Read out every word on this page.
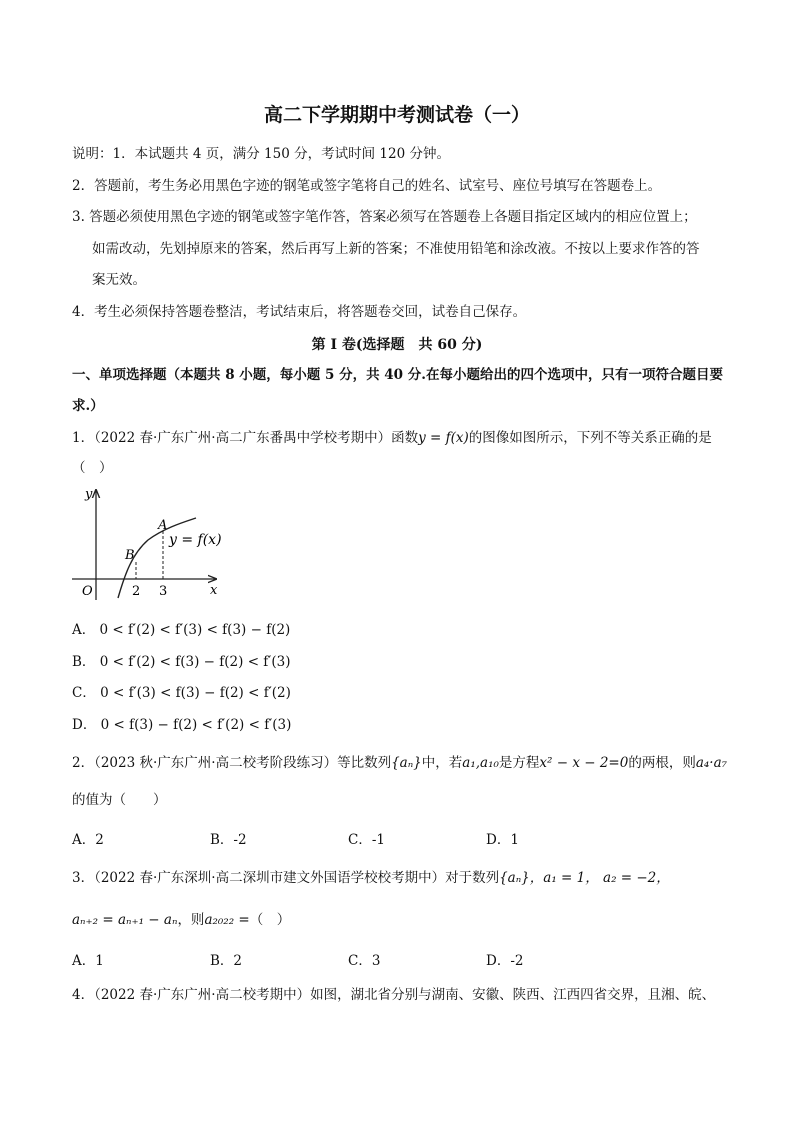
高二下学期期中考测试卷（一）
说明：1．本试题共 4 页，满分 150 分，考试时间 120 分钟。
2．答题前，考生务必用黑色字迹的钢笔或签字笔将自己的姓名、试室号、座位号填写在答题卷上。
3. 答题必须使用黑色字迹的钢笔或签字笔作答，答案必须写在答题卷上各题目指定区域内的相应位置上；
如需改动，先划掉原来的答案，然后再写上新的答案；不准使用铅笔和涂改液。不按以上要求作答的答
案无效。
4．考生必须保持答题卷整洁，考试结束后，将答题卷交回，试卷自己保存。
第 I 卷(选择题　共 60 分)
一、单项选择题（本题共 8 小题，每小题 5 分，共 40 分.在每小题给出的四个选项中，只有一项符合题目要
求.）
1．（2022 春·广东广州·高二广东番禺中学校考期中）函数y = f(x)的图像如图所示，下列不等关系正确的是
（　）
y
x
O
A
B
y = f(x)
2 3
A． 0 < f′(2) < f′(3) < f(3) − f(2)
B． 0 < f′(2) < f(3) − f(2) < f′(3)
C． 0 < f′(3) < f(3) − f(2) < f′(2)
D． 0 < f(3) − f(2) < f′(2) < f′(3)
2．（2023 秋·广东广州·高二校考阶段练习）等比数列{aₙ}中，若a₁,a₁₀是方程x² − x − 2=0的两根，则a₄·a₇
的值为（　　）
A．2	B．-2	C．-1	D．1
3．（2022 春·广东深圳·高二深圳市建文外国语学校校考期中）对于数列{aₙ}，a₁ = 1， a₂ = −2，
aₙ₊₂ = aₙ₊₁ − aₙ，则a₂₀₂₂ =（　）
A．1	B．2	C．3	D．-2
4．（2022 春·广东广州·高二校考期中）如图，湖北省分别与湖南、安徽、陕西、江西四省交界，且湘、皖、
